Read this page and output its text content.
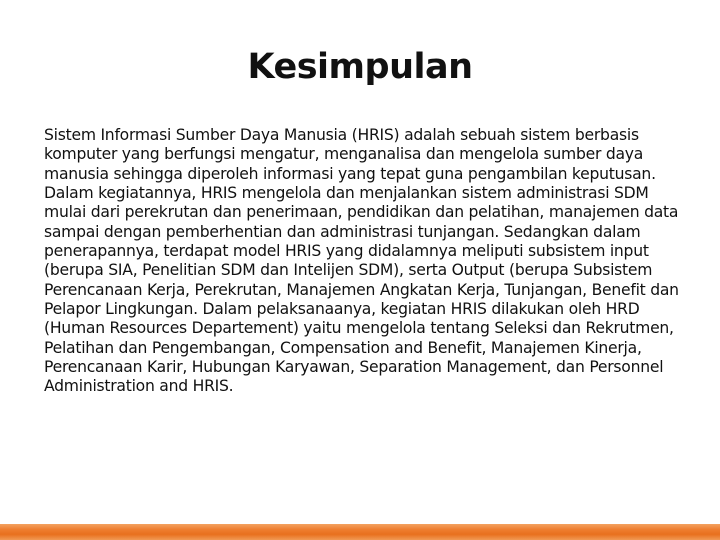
Kesimpulan

Sistem Informasi Sumber Daya Manusia (HRIS) adalah sebuah sistem berbasis komputer yang berfungsi mengatur, menganalisa dan mengelola sumber daya manusia sehingga diperoleh informasi yang tepat guna pengambilan keputusan. Dalam kegiatannya, HRIS mengelola dan menjalankan sistem administrasi SDM mulai dari perekrutan dan penerimaan, pendidikan dan pelatihan, manajemen data sampai dengan pemberhentian dan administrasi tunjangan. Sedangkan dalam penerapannya, terdapat model HRIS yang didalamnya meliputi subsistem input (berupa SIA, Penelitian SDM dan Intelijen SDM), serta Output (berupa Subsistem Perencanaan Kerja, Perekrutan, Manajemen Angkatan Kerja, Tunjangan, Benefit dan Pelapor Lingkungan. Dalam pelaksanaanya, kegiatan HRIS dilakukan oleh HRD (Human Resources Departement) yaitu mengelola tentang Seleksi dan Rekrutmen, Pelatihan dan Pengembangan, Compensation and Benefit, Manajemen Kinerja, Perencanaan Karir, Hubungan Karyawan, Separation Management, dan Personnel Administration and HRIS.
